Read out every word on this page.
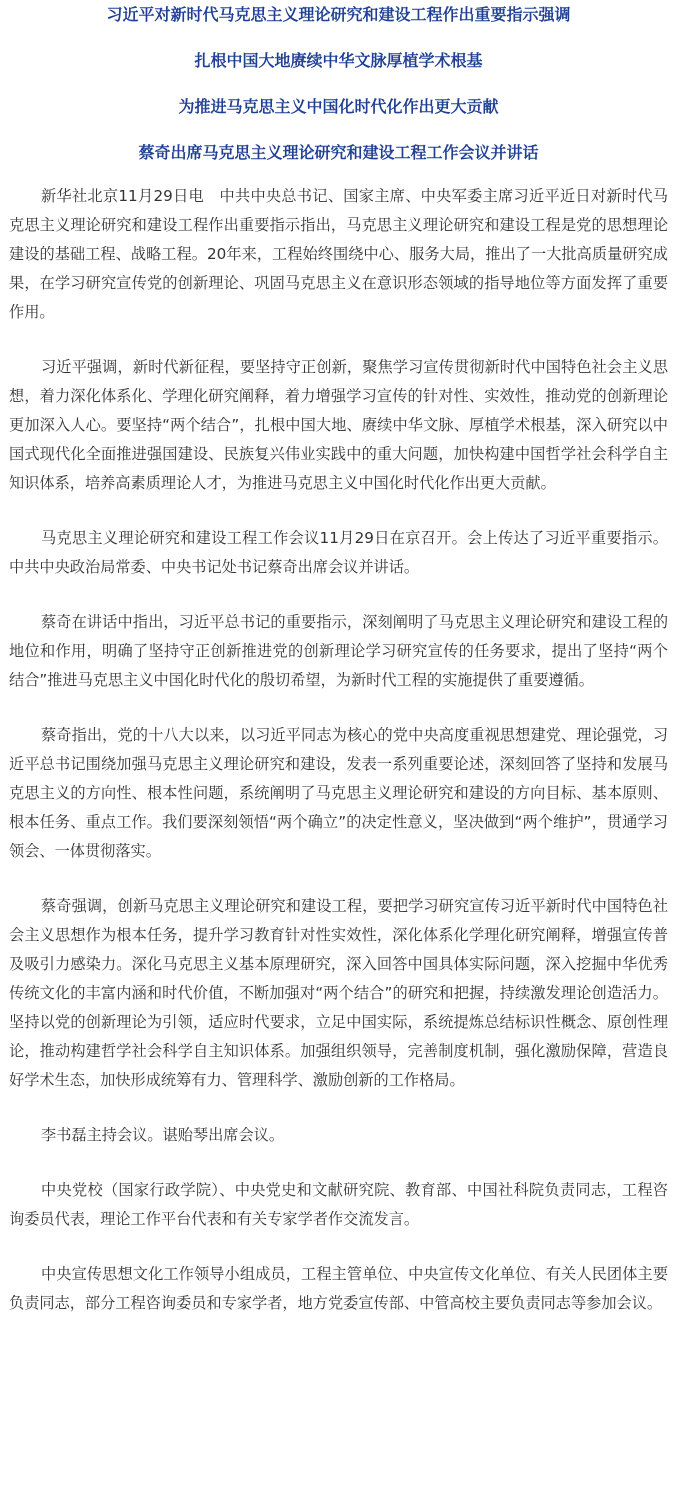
习近平对新时代马克思主义理论研究和建设工程作出重要指示强调
扎根中国大地赓续中华文脉厚植学术根基
为推进马克思主义中国化时代化作出更大贡献
蔡奇出席马克思主义理论研究和建设工程工作会议并讲话

新华社北京11月29日电　中共中央总书记、国家主席、中央军委主席习近平近日对新时代马克思主义理论研究和建设工程作出重要指示指出，马克思主义理论研究和建设工程是党的思想理论建设的基础工程、战略工程。20年来，工程始终围绕中心、服务大局，推出了一大批高质量研究成果，在学习研究宣传党的创新理论、巩固马克思主义在意识形态领域的指导地位等方面发挥了重要作用。

习近平强调，新时代新征程，要坚持守正创新，聚焦学习宣传贯彻新时代中国特色社会主义思想，着力深化体系化、学理化研究阐释，着力增强学习宣传的针对性、实效性，推动党的创新理论更加深入人心。要坚持“两个结合”，扎根中国大地、赓续中华文脉、厚植学术根基，深入研究以中国式现代化全面推进强国建设、民族复兴伟业实践中的重大问题，加快构建中国哲学社会科学自主知识体系，培养高素质理论人才，为推进马克思主义中国化时代化作出更大贡献。

马克思主义理论研究和建设工程工作会议11月29日在京召开。会上传达了习近平重要指示。中共中央政治局常委、中央书记处书记蔡奇出席会议并讲话。

蔡奇在讲话中指出，习近平总书记的重要指示，深刻阐明了马克思主义理论研究和建设工程的地位和作用，明确了坚持守正创新推进党的创新理论学习研究宣传的任务要求，提出了坚持“两个结合”推进马克思主义中国化时代化的殷切希望，为新时代工程的实施提供了重要遵循。

蔡奇指出，党的十八大以来，以习近平同志为核心的党中央高度重视思想建党、理论强党，习近平总书记围绕加强马克思主义理论研究和建设，发表一系列重要论述，深刻回答了坚持和发展马克思主义的方向性、根本性问题，系统阐明了马克思主义理论研究和建设的方向目标、基本原则、根本任务、重点工作。我们要深刻领悟“两个确立”的决定性意义，坚决做到“两个维护”，贯通学习领会、一体贯彻落实。

蔡奇强调，创新马克思主义理论研究和建设工程，要把学习研究宣传习近平新时代中国特色社会主义思想作为根本任务，提升学习教育针对性实效性，深化体系化学理化研究阐释，增强宣传普及吸引力感染力。深化马克思主义基本原理研究，深入回答中国具体实际问题，深入挖掘中华优秀传统文化的丰富内涵和时代价值，不断加强对“两个结合”的研究和把握，持续激发理论创造活力。坚持以党的创新理论为引领，适应时代要求，立足中国实际，系统提炼总结标识性概念、原创性理论，推动构建哲学社会科学自主知识体系。加强组织领导，完善制度机制，强化激励保障，营造良好学术生态，加快形成统筹有力、管理科学、激励创新的工作格局。

李书磊主持会议。谌贻琴出席会议。

中央党校（国家行政学院）、中央党史和文献研究院、教育部、中国社科院负责同志，工程咨询委员代表，理论工作平台代表和有关专家学者作交流发言。

中央宣传思想文化工作领导小组成员，工程主管单位、中央宣传文化单位、有关人民团体主要负责同志，部分工程咨询委员和专家学者，地方党委宣传部、中管高校主要负责同志等参加会议。
